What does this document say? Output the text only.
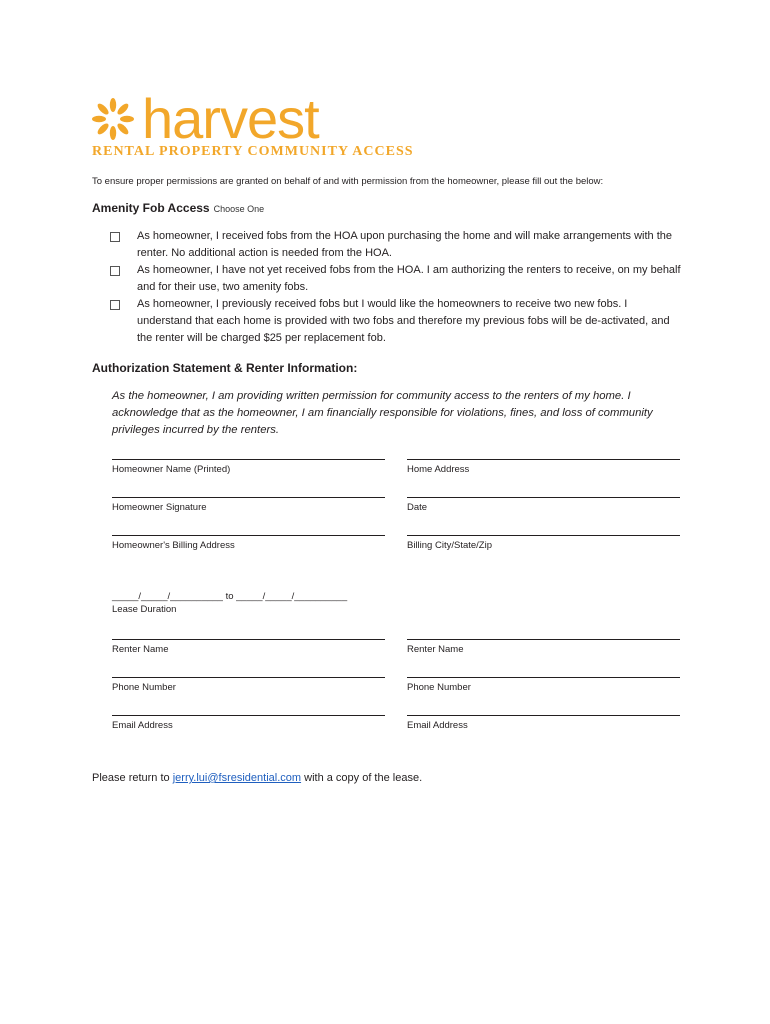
harvest
RENTAL PROPERTY COMMUNITY ACCESS
To ensure proper permissions are granted on behalf of and with permission from the homeowner, please fill out the below:
Amenity Fob Access Choose One
As homeowner, I received fobs from the HOA upon purchasing the home and will make arrangements with the renter. No additional action is needed from the HOA.
As homeowner, I have not yet received fobs from the HOA. I am authorizing the renters to receive, on my behalf and for their use, two amenity fobs.
As homeowner, I previously received fobs but I would like the homeowners to receive two new fobs. I understand that each home is provided with two fobs and therefore my previous fobs will be de-activated, and the renter will be charged $25 per replacement fob.
Authorization Statement & Renter Information:
As the homeowner, I am providing written permission for community access to the renters of my home. I acknowledge that as the homeowner, I am financially responsible for violations, fines, and loss of community privileges incurred by the renters.
Homeowner Name (Printed)	Home Address
Homeowner Signature	Date
Homeowner's Billing Address	Billing City/State/Zip
_____/_____/__________ to _____/_____/__________
Lease Duration
Renter Name	Renter Name
Phone Number	Phone Number
Email Address	Email Address
Please return to jerry.lui@fsresidential.com with a copy of the lease.
